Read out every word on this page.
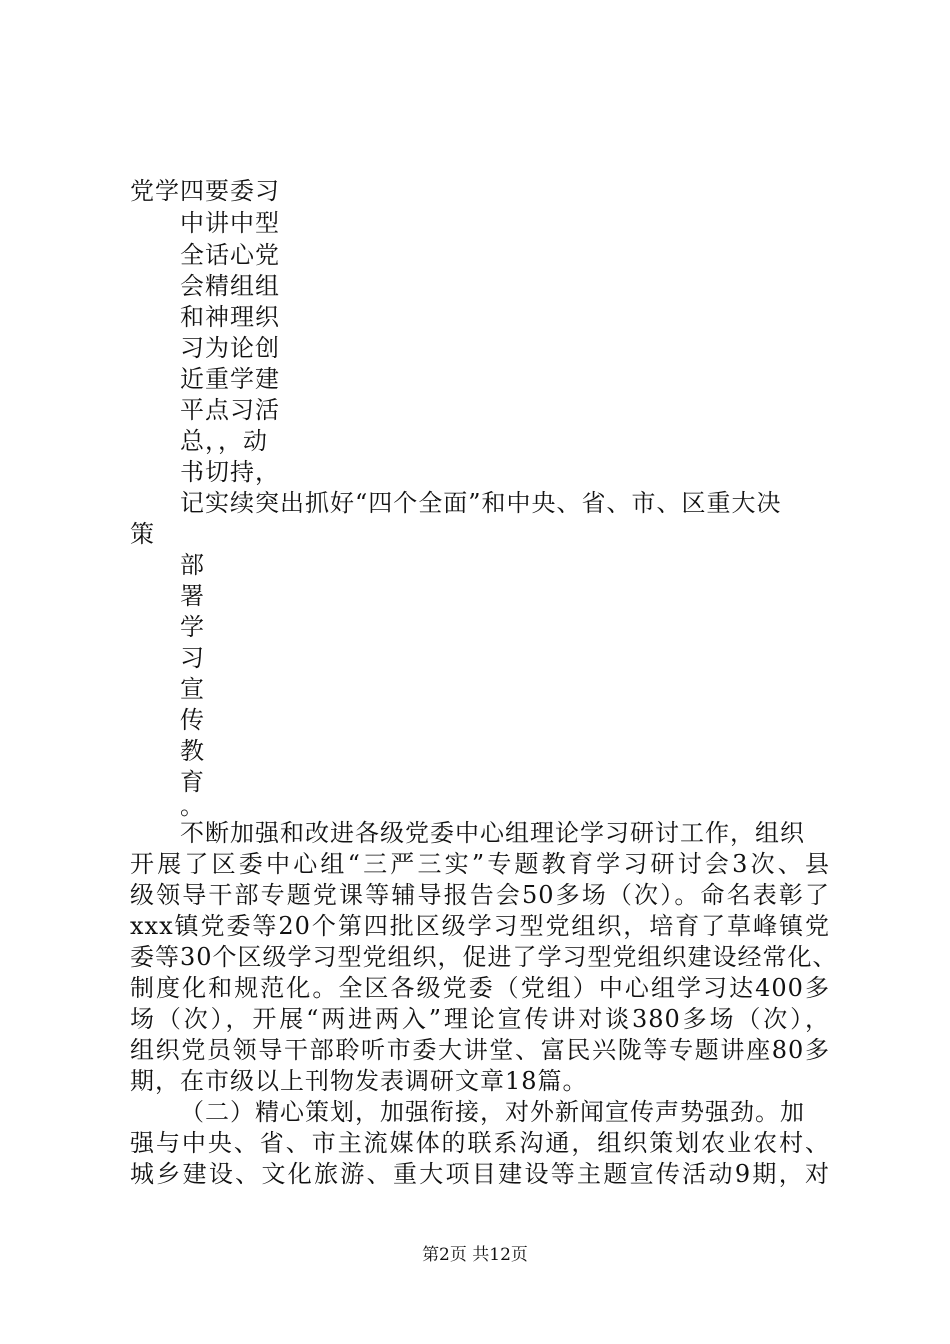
党学四要委习
中讲中型
全话心党
会精组组
和神理织
习为论创
近重学建
平点习活
总，，动
书切持，
记实续突出抓好“四个全面”和中央、省、市、区重大决
策
部
署
学
习
宣
传
教
育
。
不断加强和改进各级党委中心组理论学习研讨工作，组织
开展了区委中心组“三严三实”专题教育学习研讨会3次、县
级领导干部专题党课等辅导报告会50多场（次）。命名表彰了
xxx镇党委等20个第四批区级学习型党组织，培育了草峰镇党
委等30个区级学习型党组织，促进了学习型党组织建设经常化、
制度化和规范化。全区各级党委（党组）中心组学习达400多
场（次），开展“两进两入”理论宣传讲对谈380多场（次），
组织党员领导干部聆听市委大讲堂、富民兴陇等专题讲座80多
期，在市级以上刊物发表调研文章18篇。
（二）精心策划，加强衔接，对外新闻宣传声势强劲。加
强与中央、省、市主流媒体的联系沟通，组织策划农业农村、
城乡建设、文化旅游、重大项目建设等主题宣传活动9期，对
第2页 共12页
